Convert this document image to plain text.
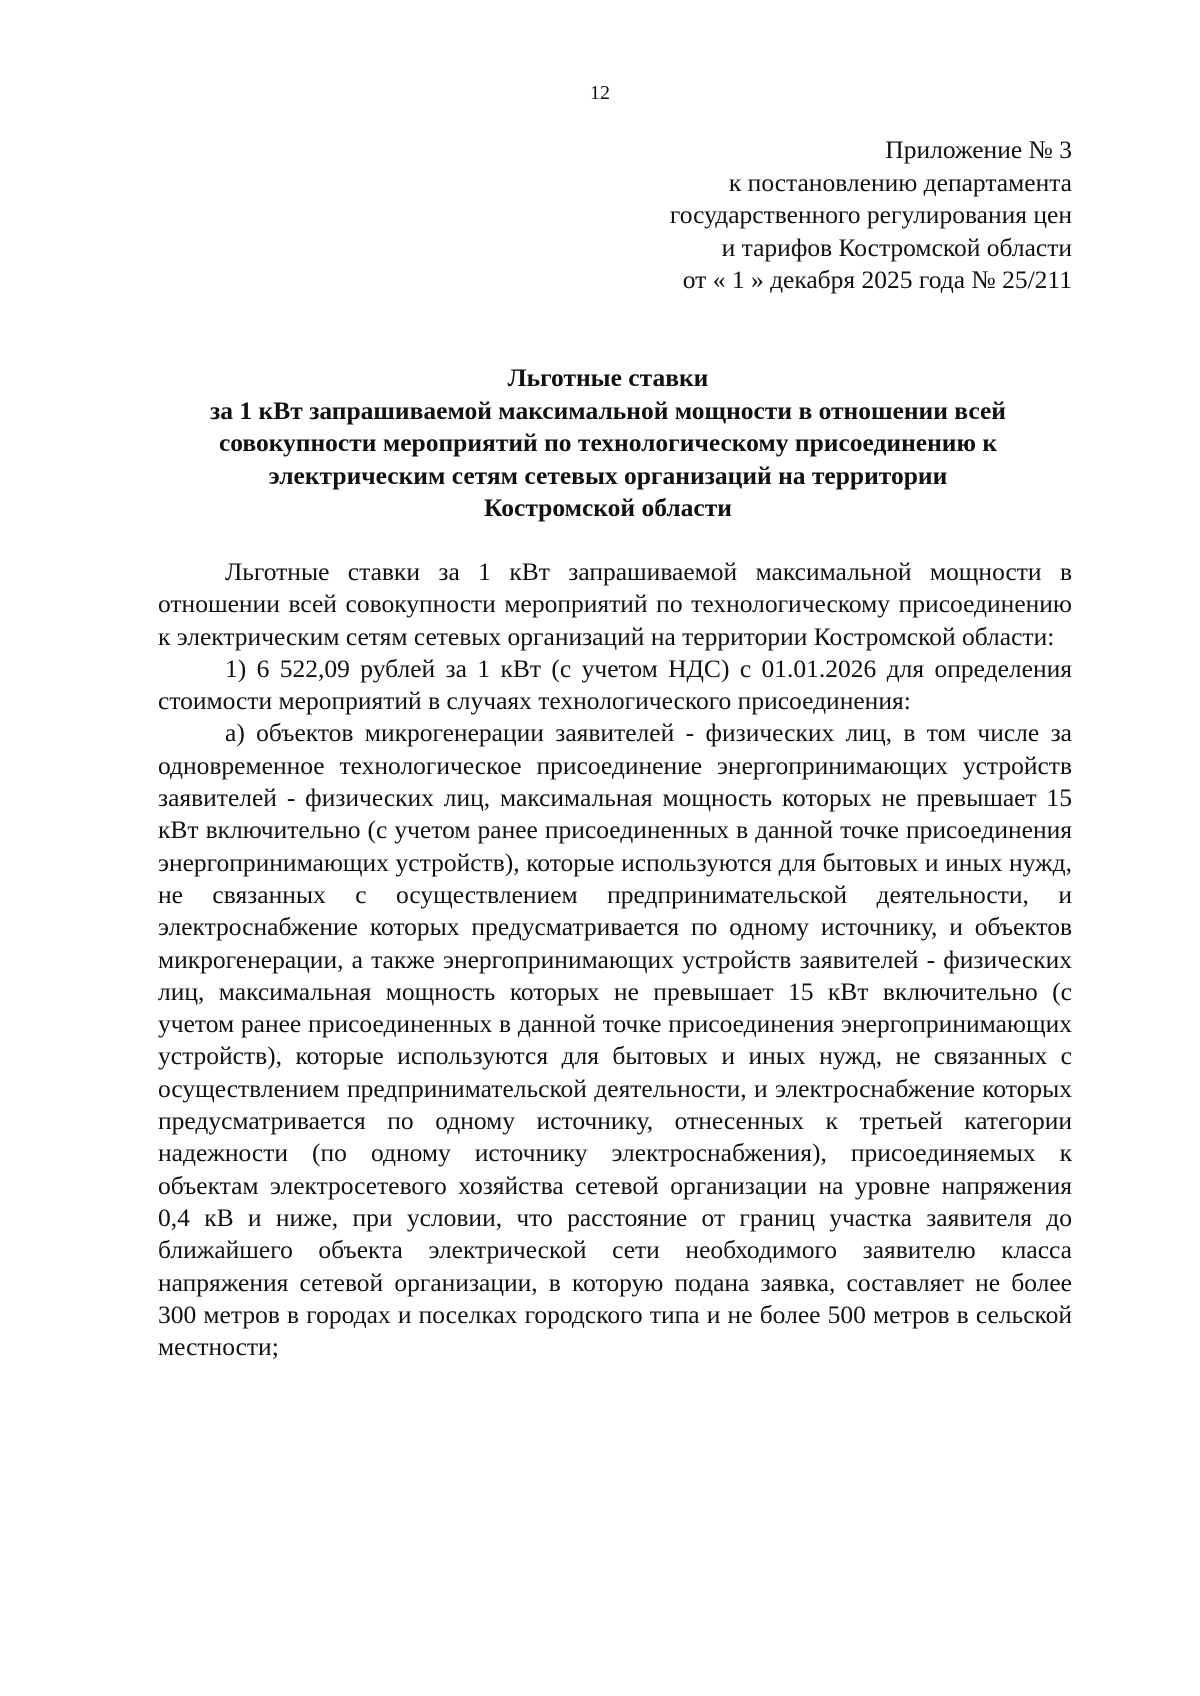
12
Приложение № 3
к постановлению департамента
государственного регулирования цен
и тарифов Костромской области
от « 1 » декабря 2025 года № 25/211
Льготные ставки
за 1 кВт запрашиваемой максимальной мощности в отношении всей
совокупности мероприятий по технологическому присоединению к
электрическим сетям сетевых организаций на территории
Костромской области

Льготные ставки за 1 кВт запрашиваемой максимальной мощности в отношении всей совокупности мероприятий по технологическому присоединению к электрическим сетям сетевых организаций на территории Костромской области:

1) 6 522,09 рублей за 1 кВт (с учетом НДС) с 01.01.2026 для определения стоимости мероприятий в случаях технологического присоединения:

а) объектов микрогенерации заявителей - физических лиц, в том числе за одновременное технологическое присоединение энергопринимающих устройств заявителей - физических лиц, максимальная мощность которых не превышает 15 кВт включительно (с учетом ранее присоединенных в данной точке присоединения энергопринимающих устройств), которые используются для бытовых и иных нужд, не связанных с осуществлением предпринимательской деятельности, и электроснабжение которых предусматривается по одному источнику, и объектов микрогенерации, а также энергопринимающих устройств заявителей - физических лиц, максимальная мощность которых не превышает 15 кВт включительно (с учетом ранее присоединенных в данной точке присоединения энергопринимающих устройств), которые используются для бытовых и иных нужд, не связанных с осуществлением предпринимательской деятельности, и электроснабжение которых предусматривается по одному источнику, отнесенных к третьей категории надежности (по одному источнику электроснабжения), присоединяемых к объектам электросетевого хозяйства сетевой организации на уровне напряжения 0,4 кВ и ниже, при условии, что расстояние от границ участка заявителя до ближайшего объекта электрической сети необходимого заявителю класса напряжения сетевой организации, в которую подана заявка, составляет не более 300 метров в городах и поселках городского типа и не более 500 метров в сельской местности;
